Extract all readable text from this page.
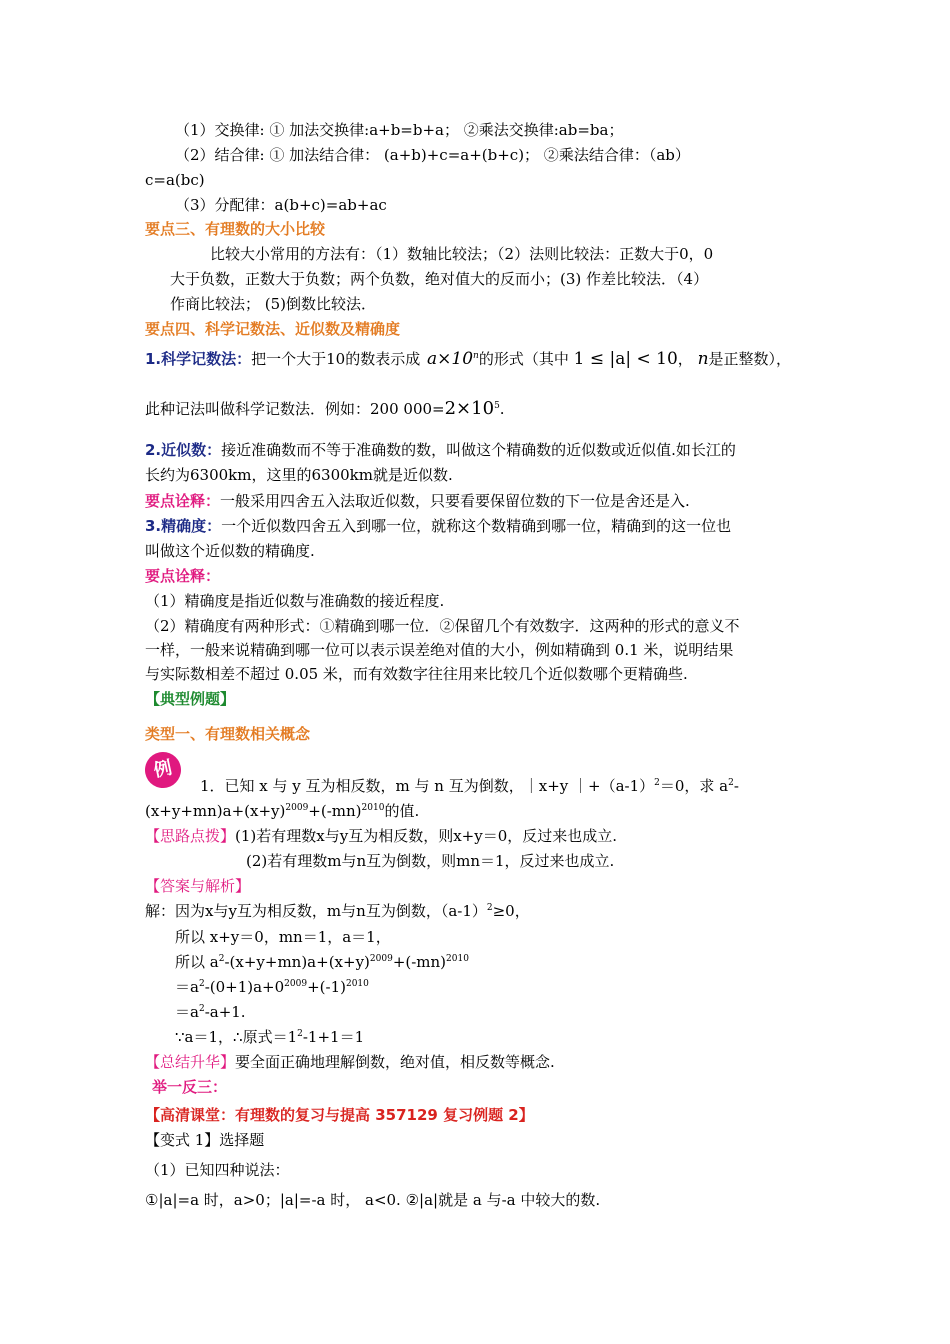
（1）交换律: ① 加法交换律:a+b=b+a； ②乘法交换律:ab=ba；
（2）结合律: ① 加法结合律： (a+b)+c=a+(b+c)； ②乘法结合律：（ab）
c=a(bc)
（3）分配律：a(b+c)=ab+ac
要点三、有理数的大小比较
比较大小常用的方法有：（1）数轴比较法；（2）法则比较法：正数大于0，0
大于负数，正数大于负数；两个负数，绝对值大的反而小；(3) 作差比较法．（4）
作商比较法； (5)倒数比较法．
要点四、科学记数法、近似数及精确度
1.科学记数法：把一个大于10的数表示成 $a\times 10^n$的形式（其中 1 ≤ |a| < 10， n是正整数），
此种记法叫做科学记数法．例如：200 $000=2\times 10^5$.
2.近似数：接近准确数而不等于准确数的数，叫做这个精确数的近似数或近似值.如长江的
长约为6300km，这里的6300km就是近似数.
要点诠释：一般采用四舍五入法取近似数，只要看要保留位数的下一位是舍还是入.
3.精确度：一个近似数四舍五入到哪一位，就称这个数精确到哪一位，精确到的这一位也
叫做这个近似数的精确度.
要点诠释：
（1）精确度是指近似数与准确数的接近程度.
（2）精确度有两种形式：①精确到哪一位．②保留几个有效数字．这两种的形式的意义不
一样，一般来说精确到哪一位可以表示误差绝对值的大小，例如精确到 0.1 米，说明结果
与实际数相差不超过 0.05 米，而有效数字往往用来比较几个近似数哪个更精确些.
【典型例题】
类型一、有理数相关概念
例
1．已知 x 与 y 互为相反数，m 与 n 互为倒数，｜x+y $|+(a-1)^2=0$，求 $a^2-$
$(x+y+mn)a+(x+y)^{2009}+(-mn)^{2010}$的值.
【思路点拨】(1)若有理数x与y互为相反数，则x+y＝0，反过来也成立.
(2)若有理数m与n互为倒数，则mn＝1，反过来也成立.
【答案与解析】
解：因为x与y互为相反数，m与n互为倒数，$(a-1)^2\ge 0$，
所以 x+y＝0，mn＝1，a＝1，
所以 $a^2-(x+y+mn)a+(x+y)^{2009}+(-mn)^{2010}$
$=a^2-(0+1)a+0^{2009}+(-1)^{2010}$
$=a^2-a+1$.
∵a＝1，∴原式$=1^2-1+1=1$
【总结升华】要全面正确地理解倒数，绝对值，相反数等概念.
举一反三：
【高清课堂：有理数的复习与提高 357129 复习例题 2】
【变式 1】选择题
（1）已知四种说法：
①|a|=a 时，a>0；|a|=-a 时， a<0. ②|a|就是 a 与-a 中较大的数.
